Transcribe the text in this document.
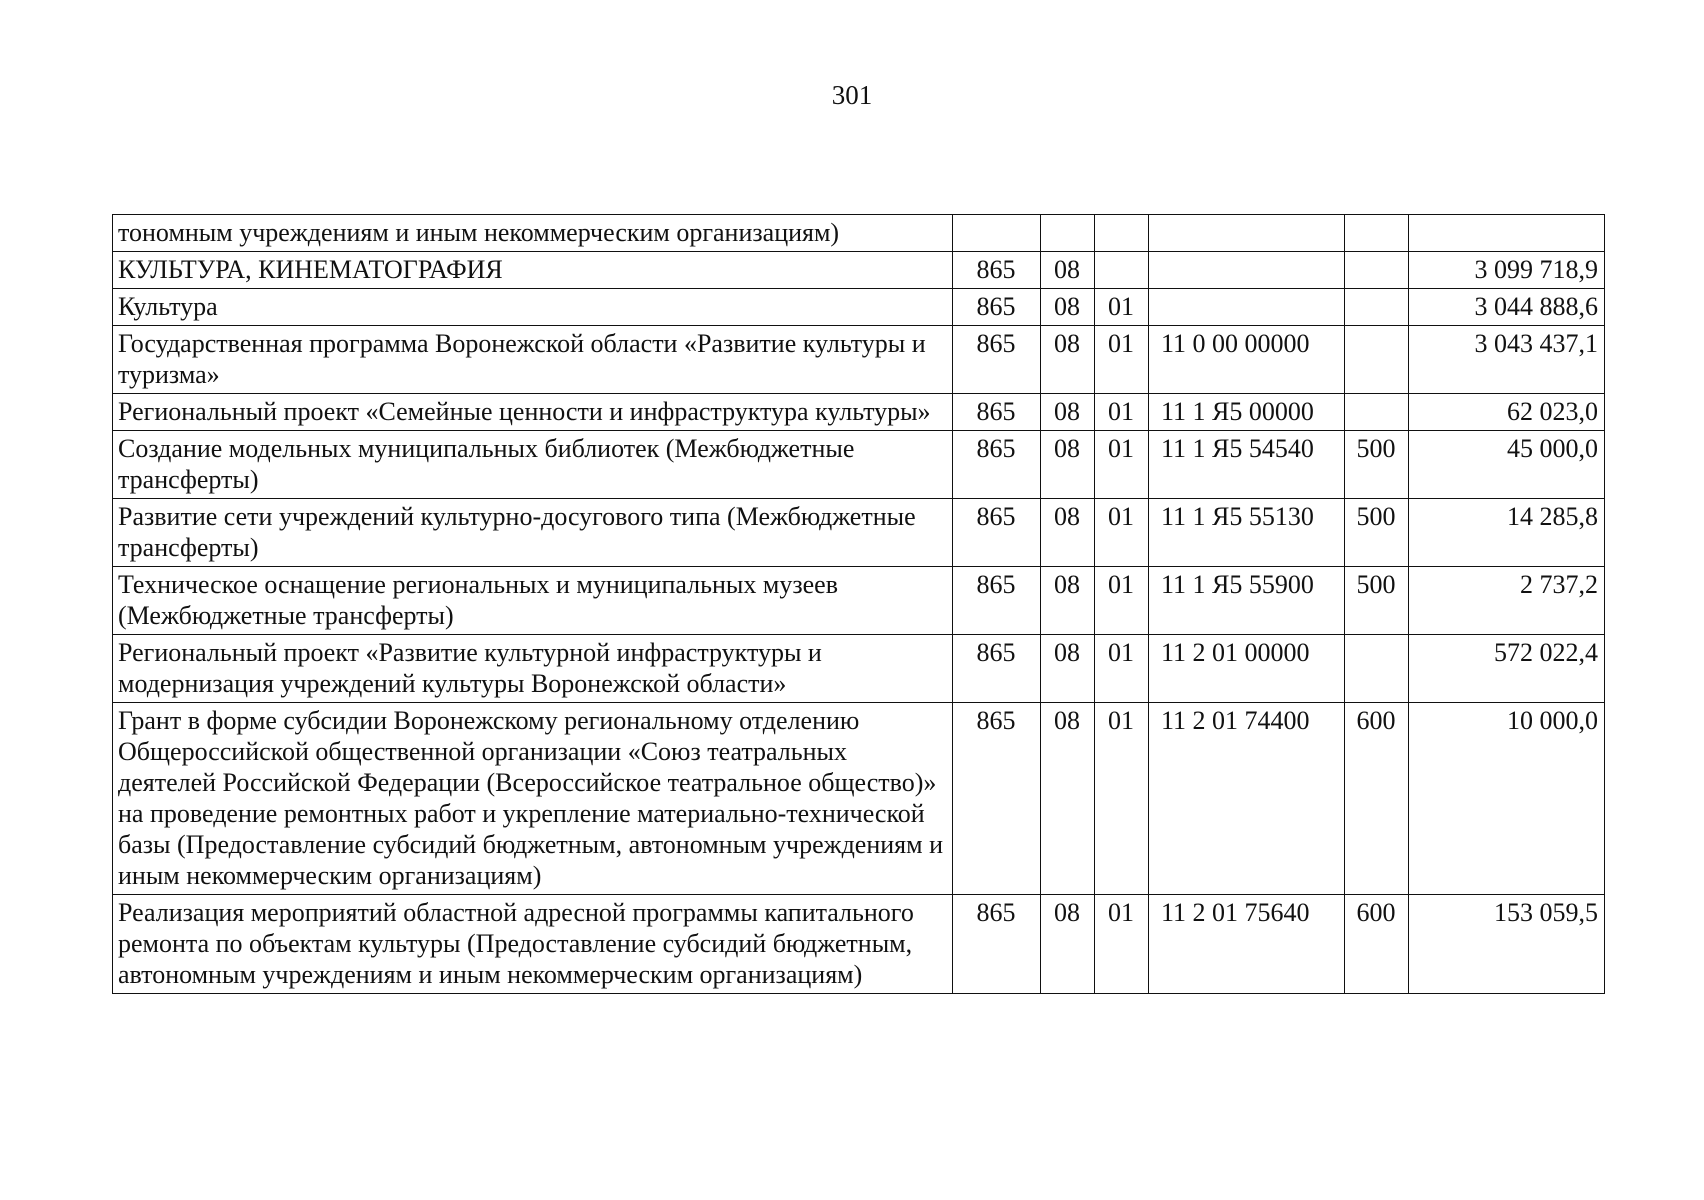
301
тономным учреждениям и иным некоммерческим организациям)						
КУЛЬТУРА, КИНЕМАТОГРАФИЯ	865	08				3 099 718,9
Культура	865	08	01			3 044 888,6
Государственная программа Воронежской области «Развитие культуры и туризма»	865	08	01	11 0 00 00000		3 043 437,1
Региональный проект «Семейные ценности и инфраструктура культуры»	865	08	01	11 1 Я5 00000		62 023,0
Создание модельных муниципальных библиотек (Межбюджетные трансферты)	865	08	01	11 1 Я5 54540	500	45 000,0
Развитие сети учреждений культурно-досугового типа (Межбюджетные трансферты)	865	08	01	11 1 Я5 55130	500	14 285,8
Техническое оснащение региональных и муниципальных музеев (Межбюджетные трансферты)	865	08	01	11 1 Я5 55900	500	2 737,2
Региональный проект «Развитие культурной инфраструктуры и модернизация учреждений культуры Воронежской области»	865	08	01	11 2 01 00000		572 022,4
Грант в форме субсидии Воронежскому региональному отделению Общероссийской общественной организации «Союз театральных деятелей Российской Федерации (Всероссийское театральное общество)» на проведение ремонтных работ и укрепление материально-технической базы (Предоставление субсидий бюджетным, автономным учреждениям и иным некоммерческим организациям)	865	08	01	11 2 01 74400	600	10 000,0
Реализация мероприятий областной адресной программы капитального ремонта по объектам культуры (Предоставление субсидий бюджетным, автономным учреждениям и иным некоммерческим организациям)	865	08	01	11 2 01 75640	600	153 059,5
